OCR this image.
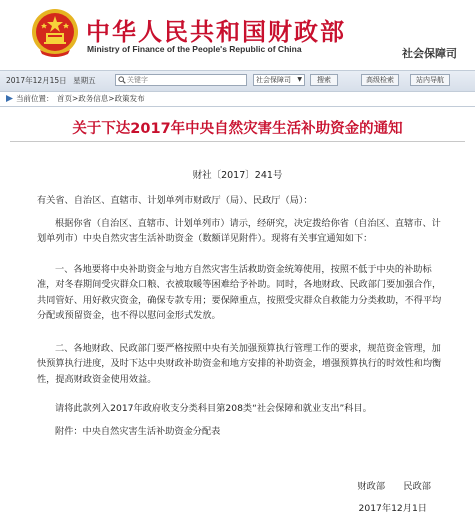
中华人民共和国财政部
Ministry of Finance of the People's Republic of China	社会保障司
2017年12月15日 星期五
关键字	社会保障司 ▼	搜索	高级检索	站内导航
当前位置： 首页>政务信息>政策发布
关于下达2017年中央自然灾害生活补助资金的通知
财社〔2017〕241号
有关省、自治区、直辖市、计划单列市财政厅（局）、民政厅（局）：
根据你省（自治区、直辖市、计划单列市）请示，经研究，决定拨给你省（自治区、直辖市、计划单列市）中央自然灾害生活补助资金（数额详见附件）。现将有关事宜通知如下：
一、各地要将中央补助资金与地方自然灾害生活救助资金统筹使用，按照不低于中央的补助标准，对冬春期间受灾群众口粮、衣被取暖等困难给予补助。同时，各地财政、民政部门要加强合作，共同管好、用好救灾资金，确保专款专用；要保障重点，按照受灾群众自救能力分类救助，不得平均分配或预留资金，也不得以慰问金形式发放。
二、各地财政、民政部门要严格按照中央有关加强预算执行管理工作的要求，规范资金管理，加快预算执行进度，及时下达中央财政补助资金和地方安排的补助资金，增强预算执行的时效性和均衡性，提高财政资金使用效益。
请将此款列入2017年政府收支分类科目第208类“社会保障和就业支出”科目。
附件：中央自然灾害生活补助资金分配表
财政部　　民政部
2017年12月1日
